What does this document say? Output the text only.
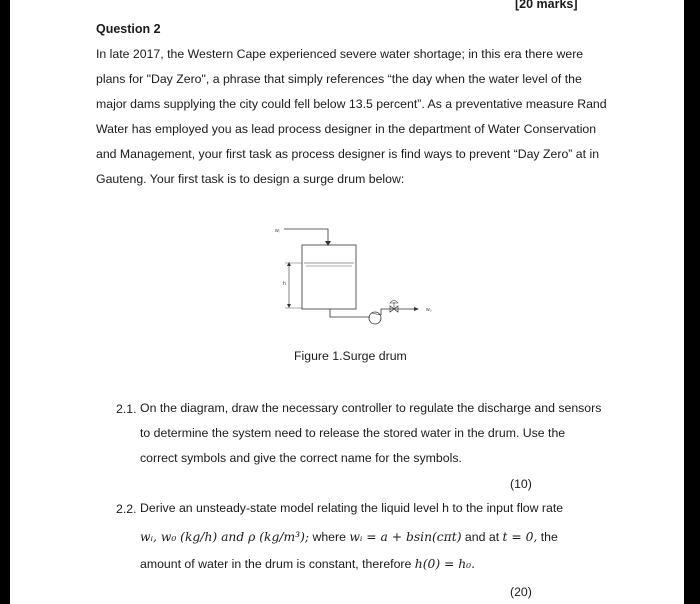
[20 marks]
Question 2
In late 2017, the Western Cape experienced severe water shortage; in this era there were
plans for "Day Zero", a phrase that simply references “the day when the water level of the
major dams supplying the city could fell below 13.5 percent”. As a preventative measure Rand
Water has employed you as lead process designer in the department of Water Conservation
and Management, your first task as process designer is find ways to prevent “Day Zero” at in
Gauteng. Your first task is to design a surge drum below:
wᵢ
h
wₒ
Figure 1.Surge drum
2.1. On the diagram, draw the necessary controller to regulate the discharge and sensors
to determine the system need to release the stored water in the drum. Use the
correct symbols and give the correct name for the symbols.
(10)
2.2. Derive an unsteady-state model relating the liquid level h to the input flow rate
wᵢ, w₀ (kg/h) and ρ (kg/m³); where wᵢ = a + bsin(cπt) and at t = 0, the
amount of water in the drum is constant, therefore h(0) = h₀.
(20)
